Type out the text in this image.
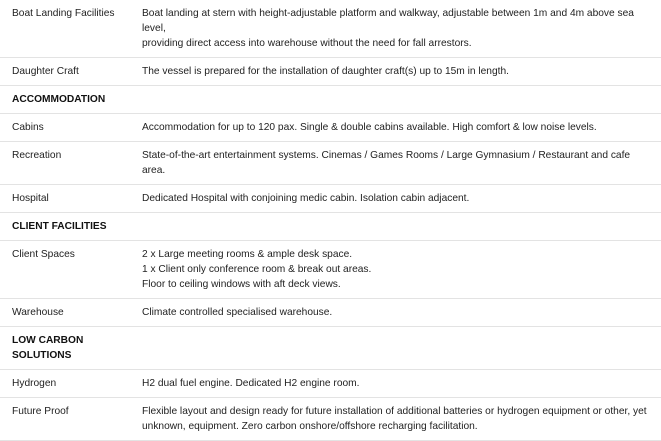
Boat Landing Facilities	Boat landing at stern with height-adjustable platform and walkway, adjustable between 1m and 4m above sea level,
providing direct access into warehouse without the need for fall arrestors.

Daughter Craft	The vessel is prepared for the installation of daughter craft(s) up to 15m in length.

ACCOMMODATION	
Cabins	Accommodation for up to 120 pax. Single & double cabins available. High comfort & low noise levels.

Recreation	State-of-the-art entertainment systems. Cinemas / Games Rooms / Large Gymnasium / Restaurant and cafe area.

Hospital	Dedicated Hospital with conjoining medic cabin. Isolation cabin adjacent.

CLIENT FACILITIES	
Client Spaces	2 x Large meeting rooms & ample desk space.
1 x Client only conference room & break out areas.
Floor to ceiling windows with aft deck views.

Warehouse	Climate controlled specialised warehouse.

LOW CARBON
SOLUTIONS	

Hydrogen	H2 dual fuel engine. Dedicated H2 engine room.

Future Proof	Flexible layout and design ready for future installation of additional batteries or hydrogen equipment or other, yet
unknown, equipment. Zero carbon onshore/offshore recharging facilitation.
